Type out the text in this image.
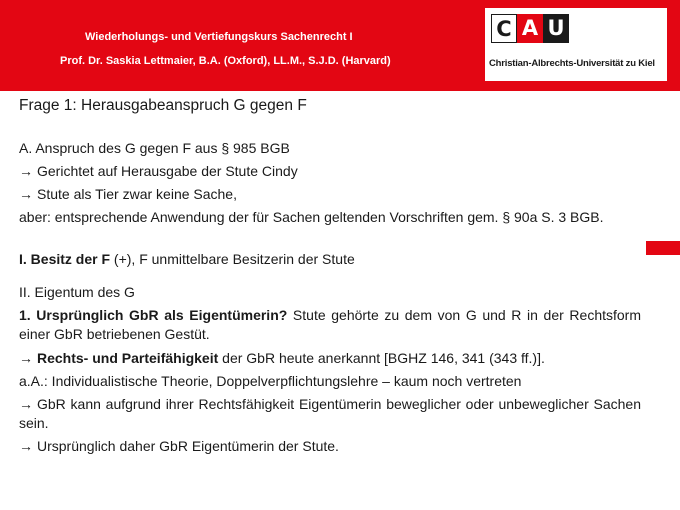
Wiederholungs- und Vertiefungskurs Sachenrecht I
Prof. Dr. Saskia Lettmaier, B.A. (Oxford), LL.M., S.J.D. (Harvard)
C A U
Christian-Albrechts-Universität zu Kiel
Frage 1: Herausgabeanspruch G gegen F
A. Anspruch des G gegen F aus § 985 BGB
→ Gerichtet auf Herausgabe der Stute Cindy
→ Stute als Tier zwar keine Sache,
aber: entsprechende Anwendung der für Sachen geltenden Vorschriften gem. § 90a S. 3 BGB.
I. Besitz der F (+), F unmittelbare Besitzerin der Stute
II. Eigentum des G
1. Ursprünglich GbR als Eigentümerin? Stute gehörte zu dem von G und R in der Rechtsform einer GbR betriebenen Gestüt.
→ Rechts- und Parteifähigkeit der GbR heute anerkannt [BGHZ 146, 341 (343 ff.)].
a.A.: Individualistische Theorie, Doppelverpflichtungslehre – kaum noch vertreten
→ GbR kann aufgrund ihrer Rechtsfähigkeit Eigentümerin beweglicher oder unbeweglicher Sachen sein.
→ Ursprünglich daher GbR Eigentümerin der Stute.
